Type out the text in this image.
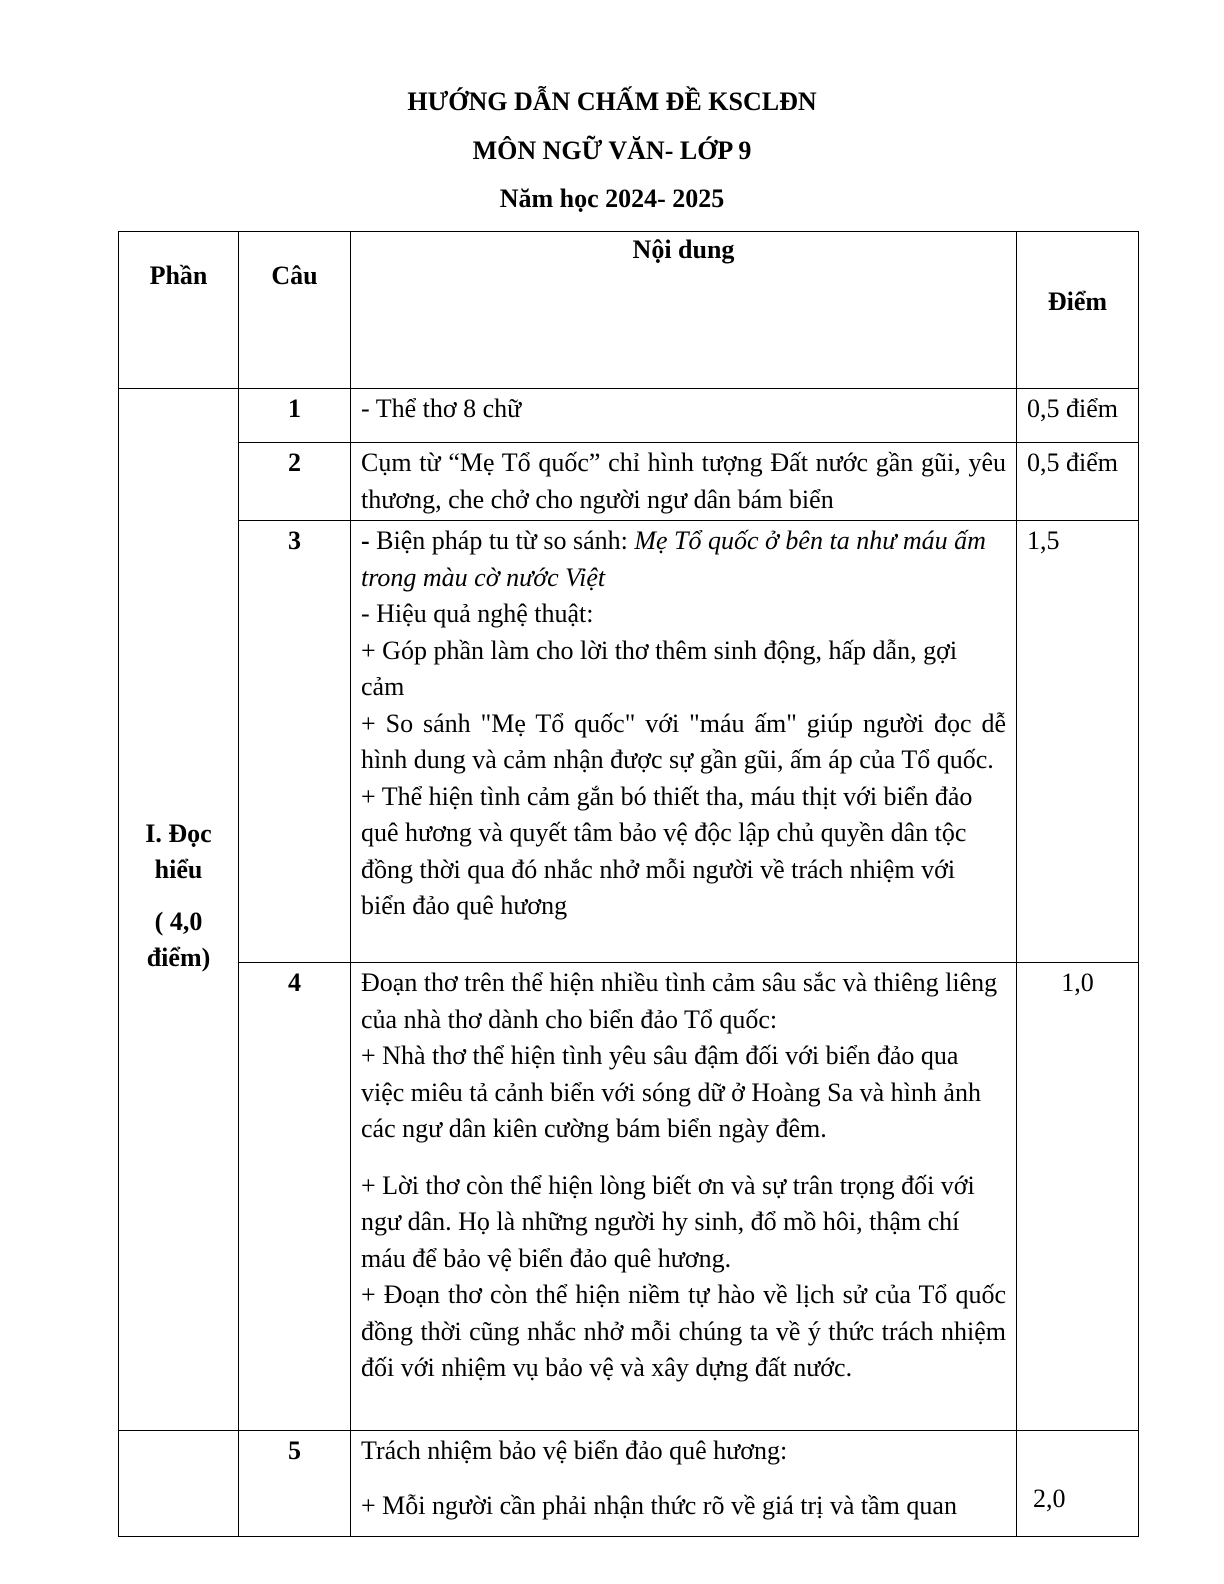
HƯỚNG DẪN CHẤM ĐỀ KSCLĐN
MÔN NGỮ VĂN- LỚP 9
Năm học 2024- 2025
Phần	Câu	Nội dung	Điểm

I. Đọc
hiểu
( 4,0
điểm)	1	- Thể thơ 8 chữ	0,5 điểm
	2	Cụm từ “Mẹ Tổ quốc” chỉ hình tượng Đất nước gần gũi, yêu thương, che chở cho người ngư dân bám biển	0,5 điểm
	3	- Biện pháp tu từ so sánh: Mẹ Tổ quốc ở bên ta như máu ấm trong màu cờ nước Việt
- Hiệu quả nghệ thuật:
+ Góp phần làm cho lời thơ thêm sinh động, hấp dẫn, gợi cảm
+ So sánh "Mẹ Tổ quốc" với "máu ấm" giúp người đọc dễ hình dung và cảm nhận được sự gần gũi, ấm áp của Tổ quốc.
+ Thể hiện tình cảm gắn bó thiết tha, máu thịt với biển đảo quê hương và quyết tâm bảo vệ độc lập chủ quyền dân tộc đồng thời qua đó nhắc nhở mỗi người về trách nhiệm với biển đảo quê hương	1,5
	4	Đoạn thơ trên thể hiện nhiều tình cảm sâu sắc và thiêng liêng của nhà thơ dành cho biển đảo Tổ quốc:
+ Nhà thơ thể hiện tình yêu sâu đậm đối với biển đảo qua việc miêu tả cảnh biển với sóng dữ ở Hoàng Sa và hình ảnh các ngư dân kiên cường bám biển ngày đêm.
+ Lời thơ còn thể hiện lòng biết ơn và sự trân trọng đối với ngư dân. Họ là những người hy sinh, đổ mồ hôi, thậm chí máu để bảo vệ biển đảo quê hương.
+ Đoạn thơ còn thể hiện niềm tự hào về lịch sử của Tổ quốc đồng thời cũng nhắc nhở mỗi chúng ta về ý thức trách nhiệm đối với nhiệm vụ bảo vệ và xây dựng đất nước.	1,0
	5	Trách nhiệm bảo vệ biển đảo quê hương:
+ Mỗi người cần phải nhận thức rõ về giá trị và tầm quan	2,0
